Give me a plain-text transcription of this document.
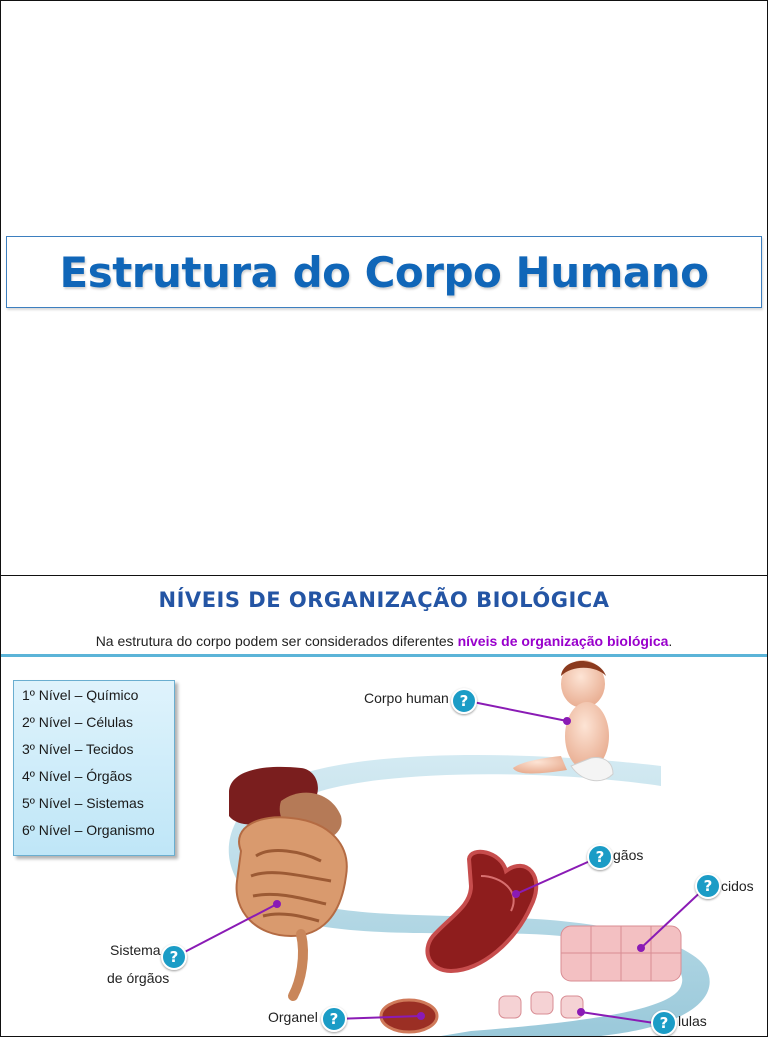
Estrutura do Corpo Humano
NÍVEIS DE ORGANIZAÇÃO BIOLÓGICA
Na estrutura do corpo podem ser considerados diferentes níveis de organização biológica.
1º Nível – Químico
2º Nível – Células
3º Nível – Tecidos
4º Nível – Órgãos
5º Nível – Sistemas
6º Nível – Organismo
Corpo human
gãos
cidos
Sistema
de órgãos
Organel	lulas
?
?
?
?
?	?
